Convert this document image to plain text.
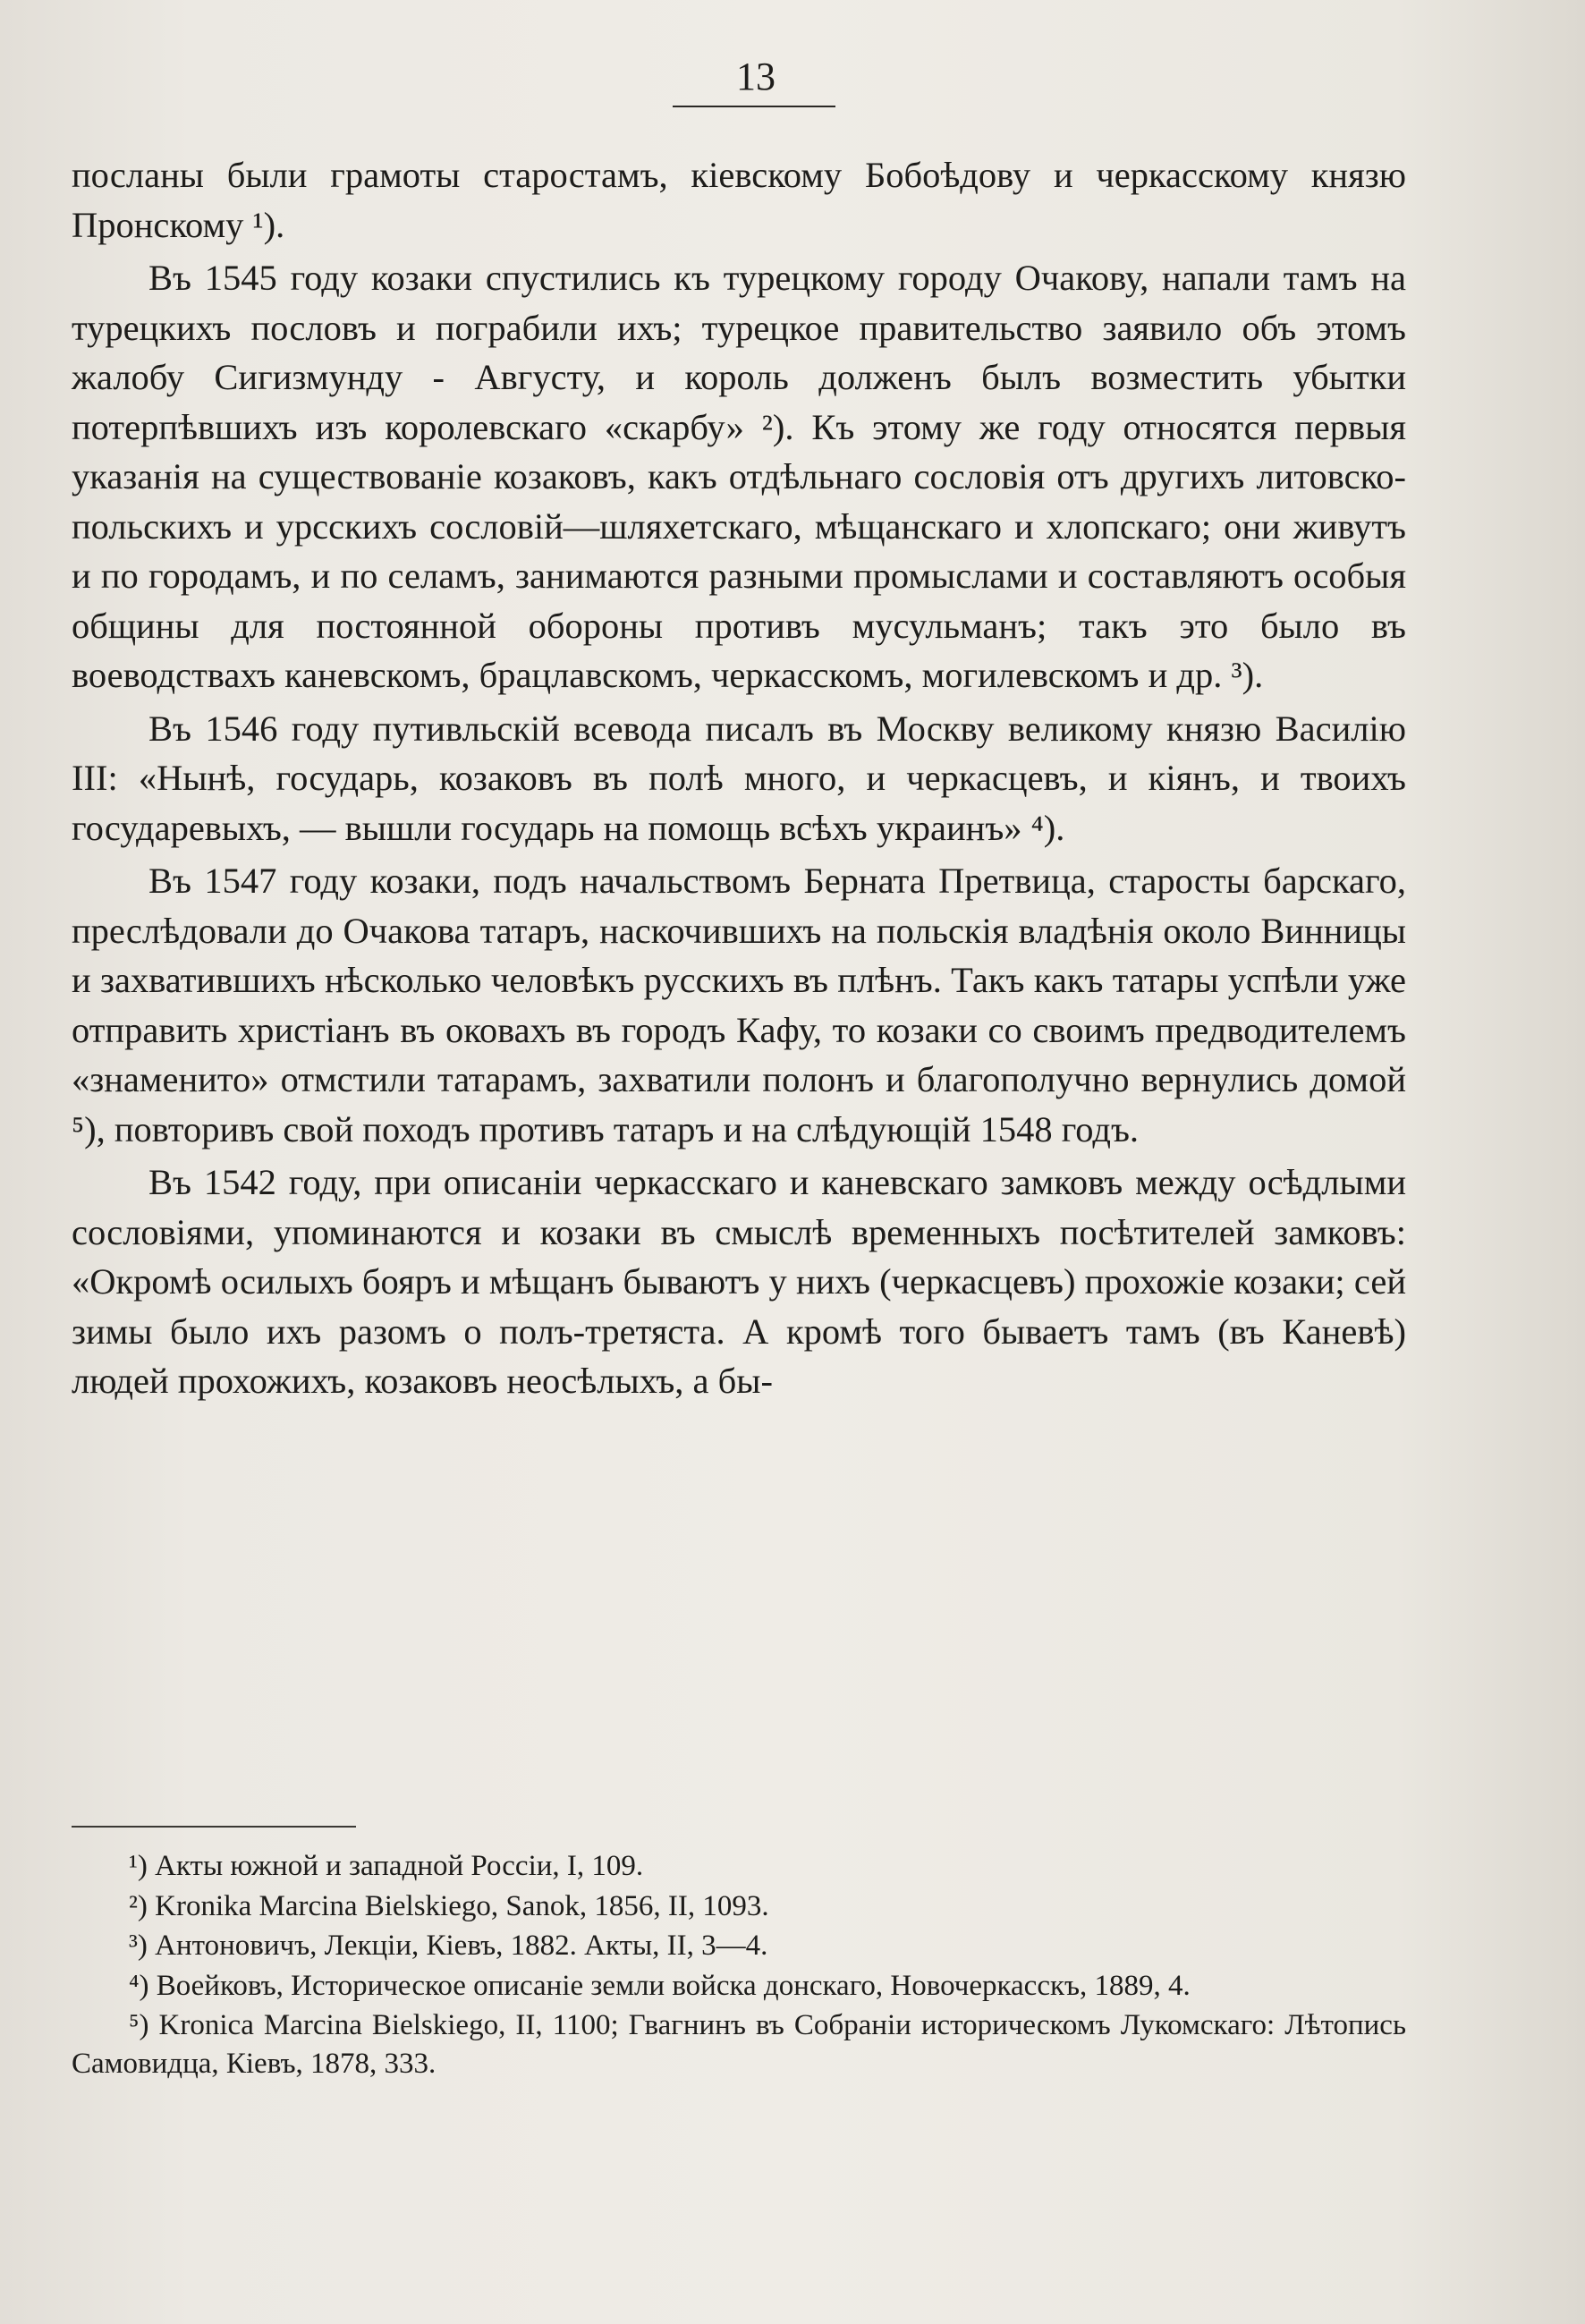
13

посланы были грамоты старостамъ, кіевскому Бобоѣдову и черкасскому князю Пронскому ¹).

Въ 1545 году козаки спустились къ турецкому городу Очакову, напали тамъ на турецкихъ пословъ и пограбили ихъ; турецкое правительство заявило объ этомъ жалобу Сигизмунду - Августу, и король долженъ былъ возместить убытки потерпѣвшихъ изъ королевскаго «скарбу» ²). Къ этому же году относятся первыя указанія на существованіе козаковъ, какъ отдѣльнаго сословія отъ другихъ литовско-польскихъ и урсскихъ сословій—шляхетскаго, мѣщанскаго и хлопскаго; они живутъ и по городамъ, и по селамъ, занимаются разными промыслами и составляютъ особыя общины для постоянной обороны противъ мусульманъ; такъ это было въ воеводствахъ каневскомъ, брацлавскомъ, черкасскомъ, могилевскомъ и др. ³).

Въ 1546 году путивльскій всевода писалъ въ Москву великому князю Василію III: «Нынѣ, государь, козаковъ въ полѣ много, и черкасцевъ, и кіянъ, и твоихъ государевыхъ, — вышли государь на помощь всѣхъ украинъ» ⁴).

Въ 1547 году козаки, подъ начальствомъ Берната Претвица, старосты барскаго, преслѣдовали до Очакова татаръ, наскочившихъ на польскія владѣнія около Винницы и захватившихъ нѣсколько человѣкъ русскихъ въ плѣнъ. Такъ какъ татары успѣли уже отправить христіанъ въ оковахъ въ городъ Кафу, то козаки со своимъ предводителемъ «знаменито» отмстили татарамъ, захватили полонъ и благополучно вернулись домой ⁵), повторивъ свой походъ противъ татаръ и на слѣдующій 1548 годъ.

Въ 1542 году, при описаніи черкасскаго и каневскаго замковъ между осѣдлыми сословіями, упоминаются и козаки въ смыслѣ временныхъ посѣтителей замковъ: «Окромѣ осилыхъ бояръ и мѣщанъ бываютъ у нихъ (черкасцевъ) прохожіе козаки; сей зимы было ихъ разомъ о полъ-третяста. А кромѣ того бываетъ тамъ (въ Каневѣ) людей прохожихъ, козаковъ неосѣлыхъ, а бы-

¹) Акты южной и западной Россіи, I, 109.

²) Kronika Marcina Bielskiego, Sanok, 1856, II, 1093.

³) Антоновичъ, Лекціи, Кіевъ, 1882. Акты, II, 3—4.

⁴) Воейковъ, Историческое описаніе земли войска донскаго, Новочеркасскъ, 1889, 4.

⁵) Kronica Marcina Bielskiego, II, 1100; Гвагнинъ въ Собраніи историческомъ Лукомскаго: Лѣтопись Самовидца, Кіевъ, 1878, 333.
